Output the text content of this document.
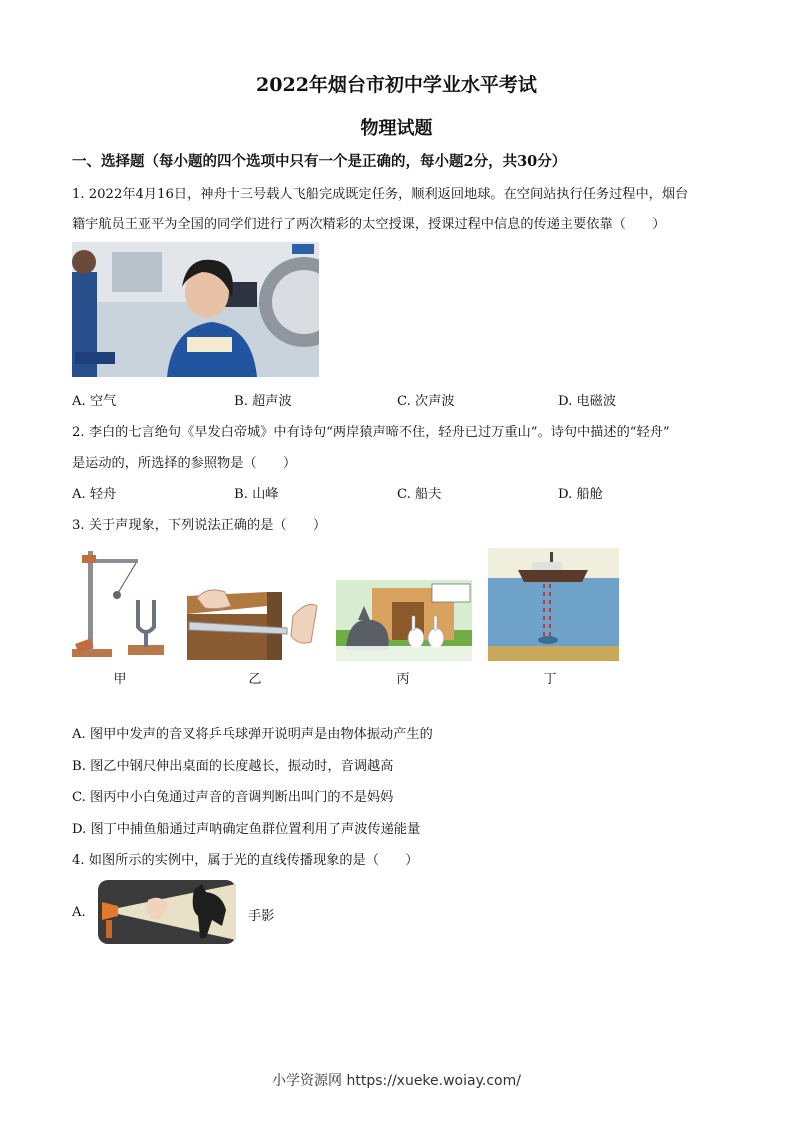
2022年烟台市初中学业水平考试
物理试题
一、选择题（每小题的四个选项中只有一个是正确的，每小题2分，共30分）
1. 2022年4月16日，神舟十三号载人飞船完成既定任务，顺利返回地球。在空间站执行任务过程中，烟台
籍宇航员王亚平为全国的同学们进行了两次精彩的太空授课，授课过程中信息的传递主要依靠（　　）
A. 空气	B. 超声波	C. 次声波	D. 电磁波
2. 李白的七言绝句《早发白帝城》中有诗句“两岸猿声啼不住，轻舟已过万重山”。诗句中描述的“轻舟”
是运动的，所选择的参照物是（　　）
A. 轻舟	B. 山峰	C. 船夫	D. 船舱
3. 关于声现象，下列说法正确的是（　　）
甲	乙	丙	丁
A. 图甲中发声的音叉将乒乓球弹开说明声是由物体振动产生的
B. 图乙中钢尺伸出桌面的长度越长，振动时，音调越高
C. 图丙中小白兔通过声音的音调判断出叫门的不是妈妈
D. 图丁中捕鱼船通过声呐确定鱼群位置利用了声波传递能量
4. 如图所示的实例中，属于光的直线传播现象的是（　　）
A.	手影
小学资源网 https://xueke.woiay.com/
